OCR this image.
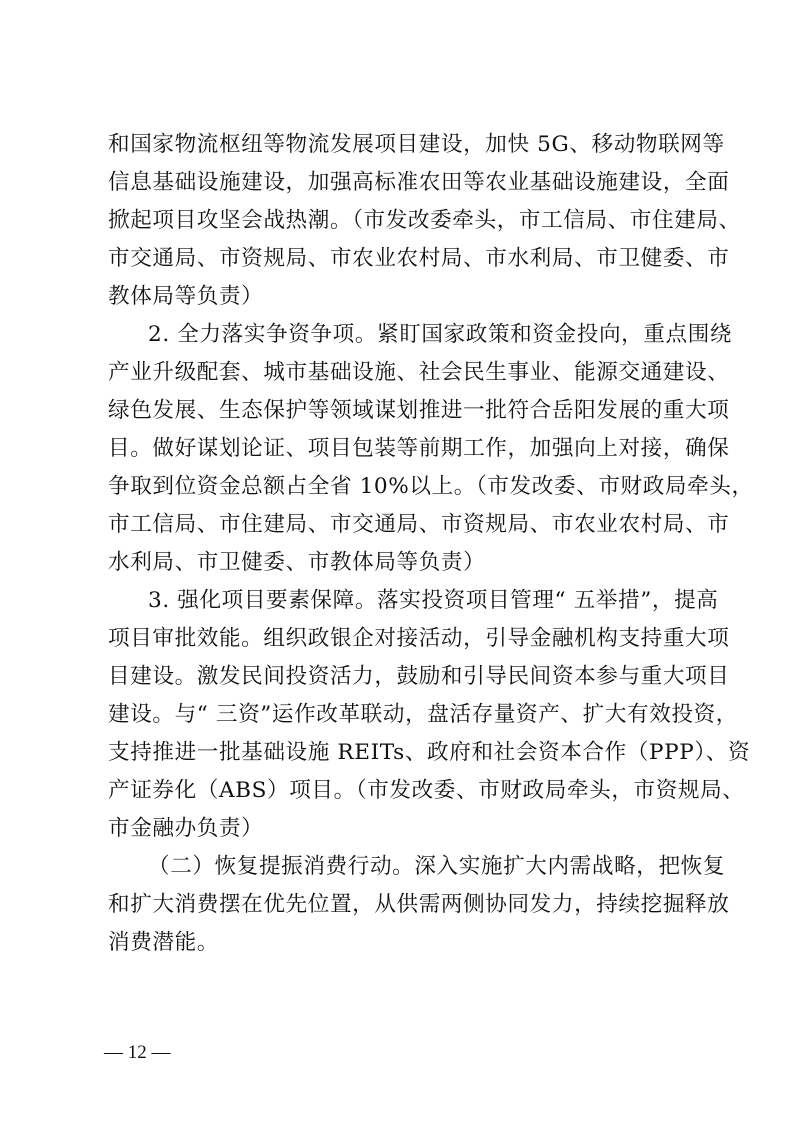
和国家物流枢纽等物流发展项目建设，加快 5G、移动物联网等
信息基础设施建设，加强高标准农田等农业基础设施建设，全面
掀起项目攻坚会战热潮。（市发改委牵头，市工信局、市住建局、
市交通局、市资规局、市农业农村局、市水利局、市卫健委、市
教体局等负责）
2. 全力落实争资争项。紧盯国家政策和资金投向，重点围绕
产业升级配套、城市基础设施、社会民生事业、能源交通建设、
绿色发展、生态保护等领域谋划推进一批符合岳阳发展的重大项
目。做好谋划论证、项目包装等前期工作，加强向上对接，确保
争取到位资金总额占全省 10%以上。（市发改委、市财政局牵头，
市工信局、市住建局、市交通局、市资规局、市农业农村局、市
水利局、市卫健委、市教体局等负责）
3. 强化项目要素保障。落实投资项目管理“ 五举措”，提高
项目审批效能。组织政银企对接活动，引导金融机构支持重大项
目建设。激发民间投资活力，鼓励和引导民间资本参与重大项目
建设。与“ 三资”运作改革联动，盘活存量资产、扩大有效投资，
支持推进一批基础设施 REITs、政府和社会资本合作（PPP）、资
产证券化（ABS）项目。（市发改委、市财政局牵头，市资规局、
市金融办负责）
（二）恢复提振消费行动。深入实施扩大内需战略，把恢复
和扩大消费摆在优先位置，从供需两侧协同发力，持续挖掘释放
消费潜能。
— 12 —
